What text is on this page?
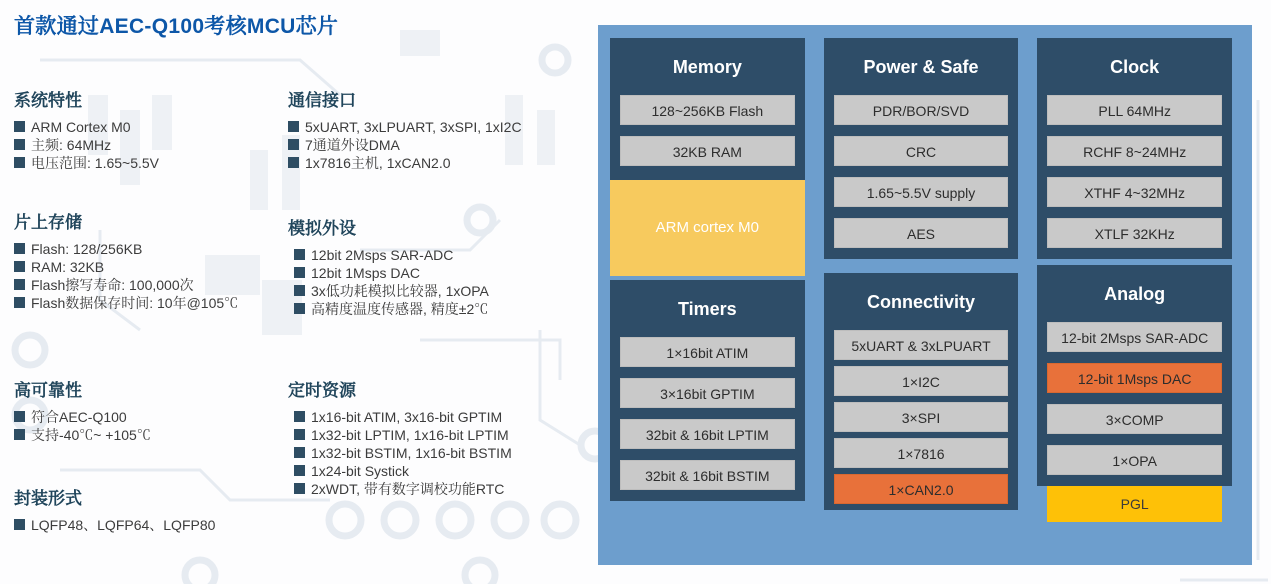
首款通过AEC-Q100考核MCU芯片
系统特性
ARM Cortex M0
主频: 64MHz
电压范围: 1.65~5.5V
通信接口
5xUART, 3xLPUART, 3xSPI, 1xI2C
7通道外设DMA
1x7816主机, 1xCAN2.0
片上存储
Flash: 128/256KB
RAM: 32KB
Flash擦写寿命: 100,000次
Flash数据保存时间: 10年@105℃
模拟外设
12bit 2Msps SAR-ADC
12bit 1Msps DAC
3x低功耗模拟比较器, 1xOPA
高精度温度传感器, 精度±2℃
高可靠性
符合AEC-Q100
支持-40℃~ +105℃
定时资源
1x16-bit ATIM, 3x16-bit GPTIM
1x32-bit LPTIM, 1x16-bit LPTIM
1x32-bit BSTIM, 1x16-bit BSTIM
1x24-bit Systick
2xWDT, 带有数字调校功能RTC
封装形式
LQFP48、LQFP64、LQFP80
Memory
128~256KB Flash
32KB RAM
ARM cortex M0
Timers
1×16bit ATIM
3×16bit GPTIM
32bit & 16bit LPTIM
32bit & 16bit BSTIM
Power & Safe
PDR/BOR/SVD
CRC
1.65~5.5V supply
AES
Connectivity
5xUART & 3xLPUART
1×I2C
3×SPI
1×7816
1×CAN2.0
Clock
PLL 64MHz
RCHF 8~24MHz
XTHF 4~32MHz
XTLF 32KHz
Analog
12-bit 2Msps SAR-ADC
12-bit 1Msps DAC
3×COMP
1×OPA
PGL
